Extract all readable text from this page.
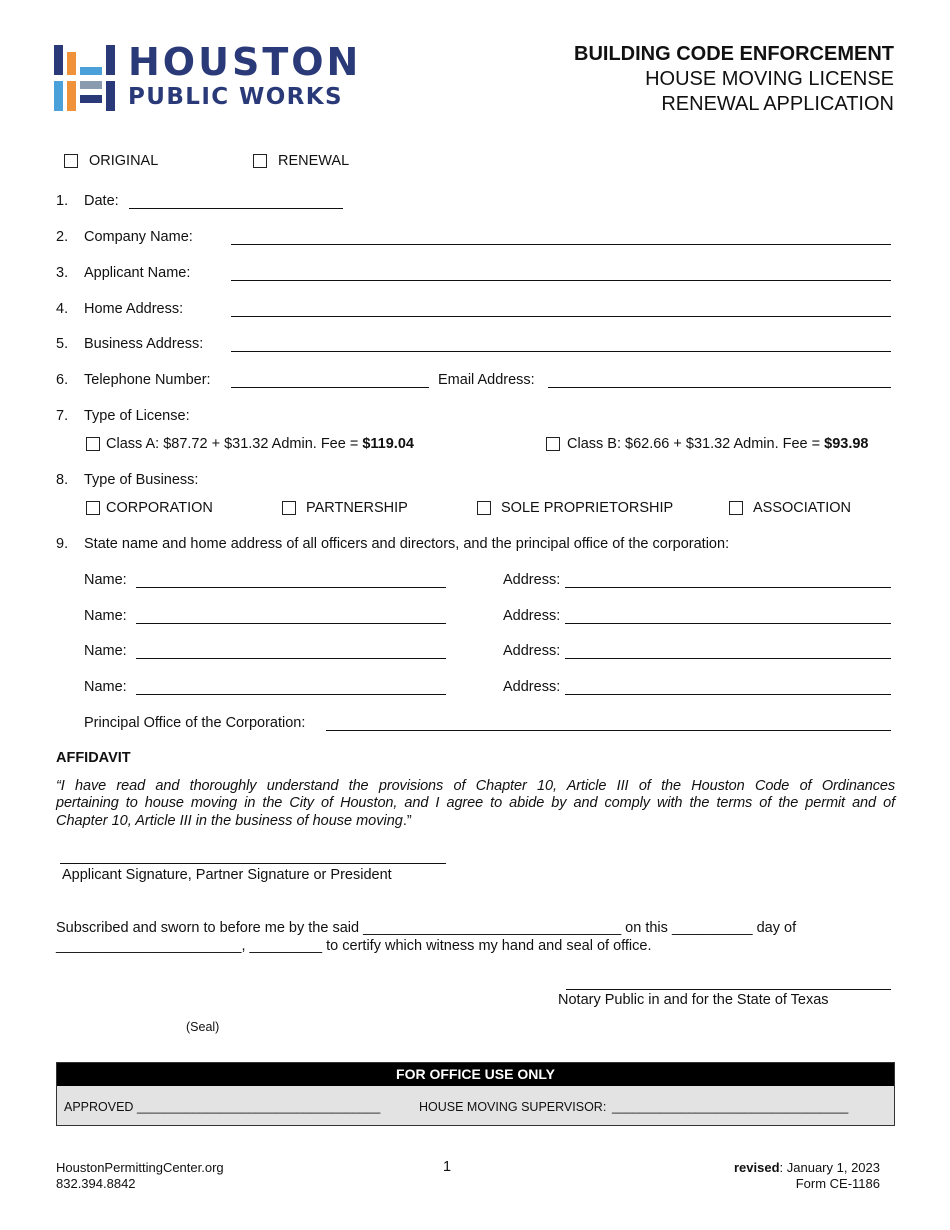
HOUSTON
PUBLIC WORKS
BUILDING CODE ENFORCEMENT
HOUSE MOVING LICENSE
RENEWAL APPLICATION
ORIGINAL	RENEWAL
1. Date:
2. Company Name:
3. Applicant Name:
4. Home Address:
5. Business Address:
6. Telephone Number:	Email Address:
7. Type of License:
Class A: $87.72 + $31.32 Admin. Fee = $119.04	Class B: $62.66 + $31.32 Admin. Fee = $93.98
8. Type of Business:
CORPORATION	PARTNERSHIP	SOLE PROPRIETORSHIP	ASSOCIATION
9. State name and home address of all officers and directors, and the principal office of the corporation:
Name:	Address:
Name:	Address:
Name:	Address:
Name:	Address:
Principal Office of the Corporation:
AFFIDAVIT
“I have read and thoroughly understand the provisions of Chapter 10, Article III of the Houston Code of Ordinances
pertaining to house moving in the City of Houston, and I agree to abide by and comply with the terms of the permit and of
Chapter 10, Article III in the business of house moving.”
Applicant Signature, Partner Signature or President
Subscribed and sworn to before me by the said ________________________________ on this __________ day of
_______________________, _________ to certify which witness my hand and seal of office.
Notary Public in and for the State of Texas
(Seal)
FOR OFFICE USE ONLY
APPROVED ___________________________________	HOUSE MOVING SUPERVISOR: __________________________________
HoustonPermittingCenter.org
832.394.8842
1	revised: January 1, 2023
Form CE-1186
